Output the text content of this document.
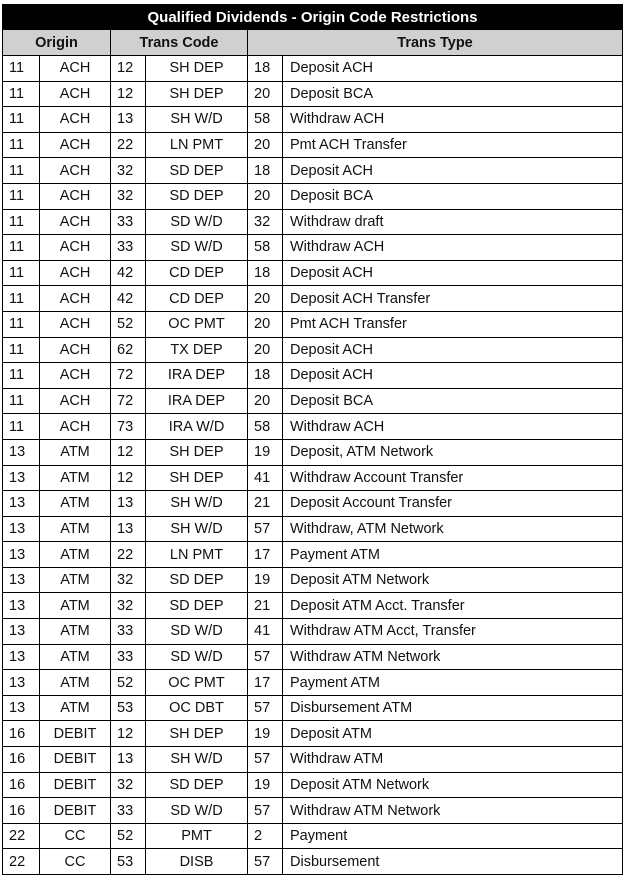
Qualified Dividends - Origin Code Restrictions					
Origin		Trans Code		Trans Type	
11	ACH	12	SH DEP	18	Deposit ACH
11	ACH	12	SH DEP	20	Deposit BCA
11	ACH	13	SH W/D	58	Withdraw ACH
11	ACH	22	LN PMT	20	Pmt ACH Transfer
11	ACH	32	SD DEP	18	Deposit ACH
11	ACH	32	SD DEP	20	Deposit BCA
11	ACH	33	SD W/D	32	Withdraw draft
11	ACH	33	SD W/D	58	Withdraw ACH
11	ACH	42	CD DEP	18	Deposit ACH
11	ACH	42	CD DEP	20	Deposit ACH Transfer
11	ACH	52	OC PMT	20	Pmt ACH Transfer
11	ACH	62	TX DEP	20	Deposit ACH
11	ACH	72	IRA DEP	18	Deposit ACH
11	ACH	72	IRA DEP	20	Deposit BCA
11	ACH	73	IRA W/D	58	Withdraw ACH
13	ATM	12	SH DEP	19	Deposit, ATM Network
13	ATM	12	SH DEP	41	Withdraw Account Transfer
13	ATM	13	SH W/D	21	Deposit Account Transfer
13	ATM	13	SH W/D	57	Withdraw, ATM Network
13	ATM	22	LN PMT	17	Payment ATM
13	ATM	32	SD DEP	19	Deposit ATM Network
13	ATM	32	SD DEP	21	Deposit ATM Acct. Transfer
13	ATM	33	SD W/D	41	Withdraw ATM Acct, Transfer
13	ATM	33	SD W/D	57	Withdraw ATM Network
13	ATM	52	OC PMT	17	Payment ATM
13	ATM	53	OC DBT	57	Disbursement ATM
16	DEBIT	12	SH DEP	19	Deposit ATM
16	DEBIT	13	SH W/D	57	Withdraw ATM
16	DEBIT	32	SD DEP	19	Deposit ATM Network
16	DEBIT	33	SD W/D	57	Withdraw ATM Network
22	CC	52	PMT	2	Payment
22	CC	53	DISB	57	Disbursement
